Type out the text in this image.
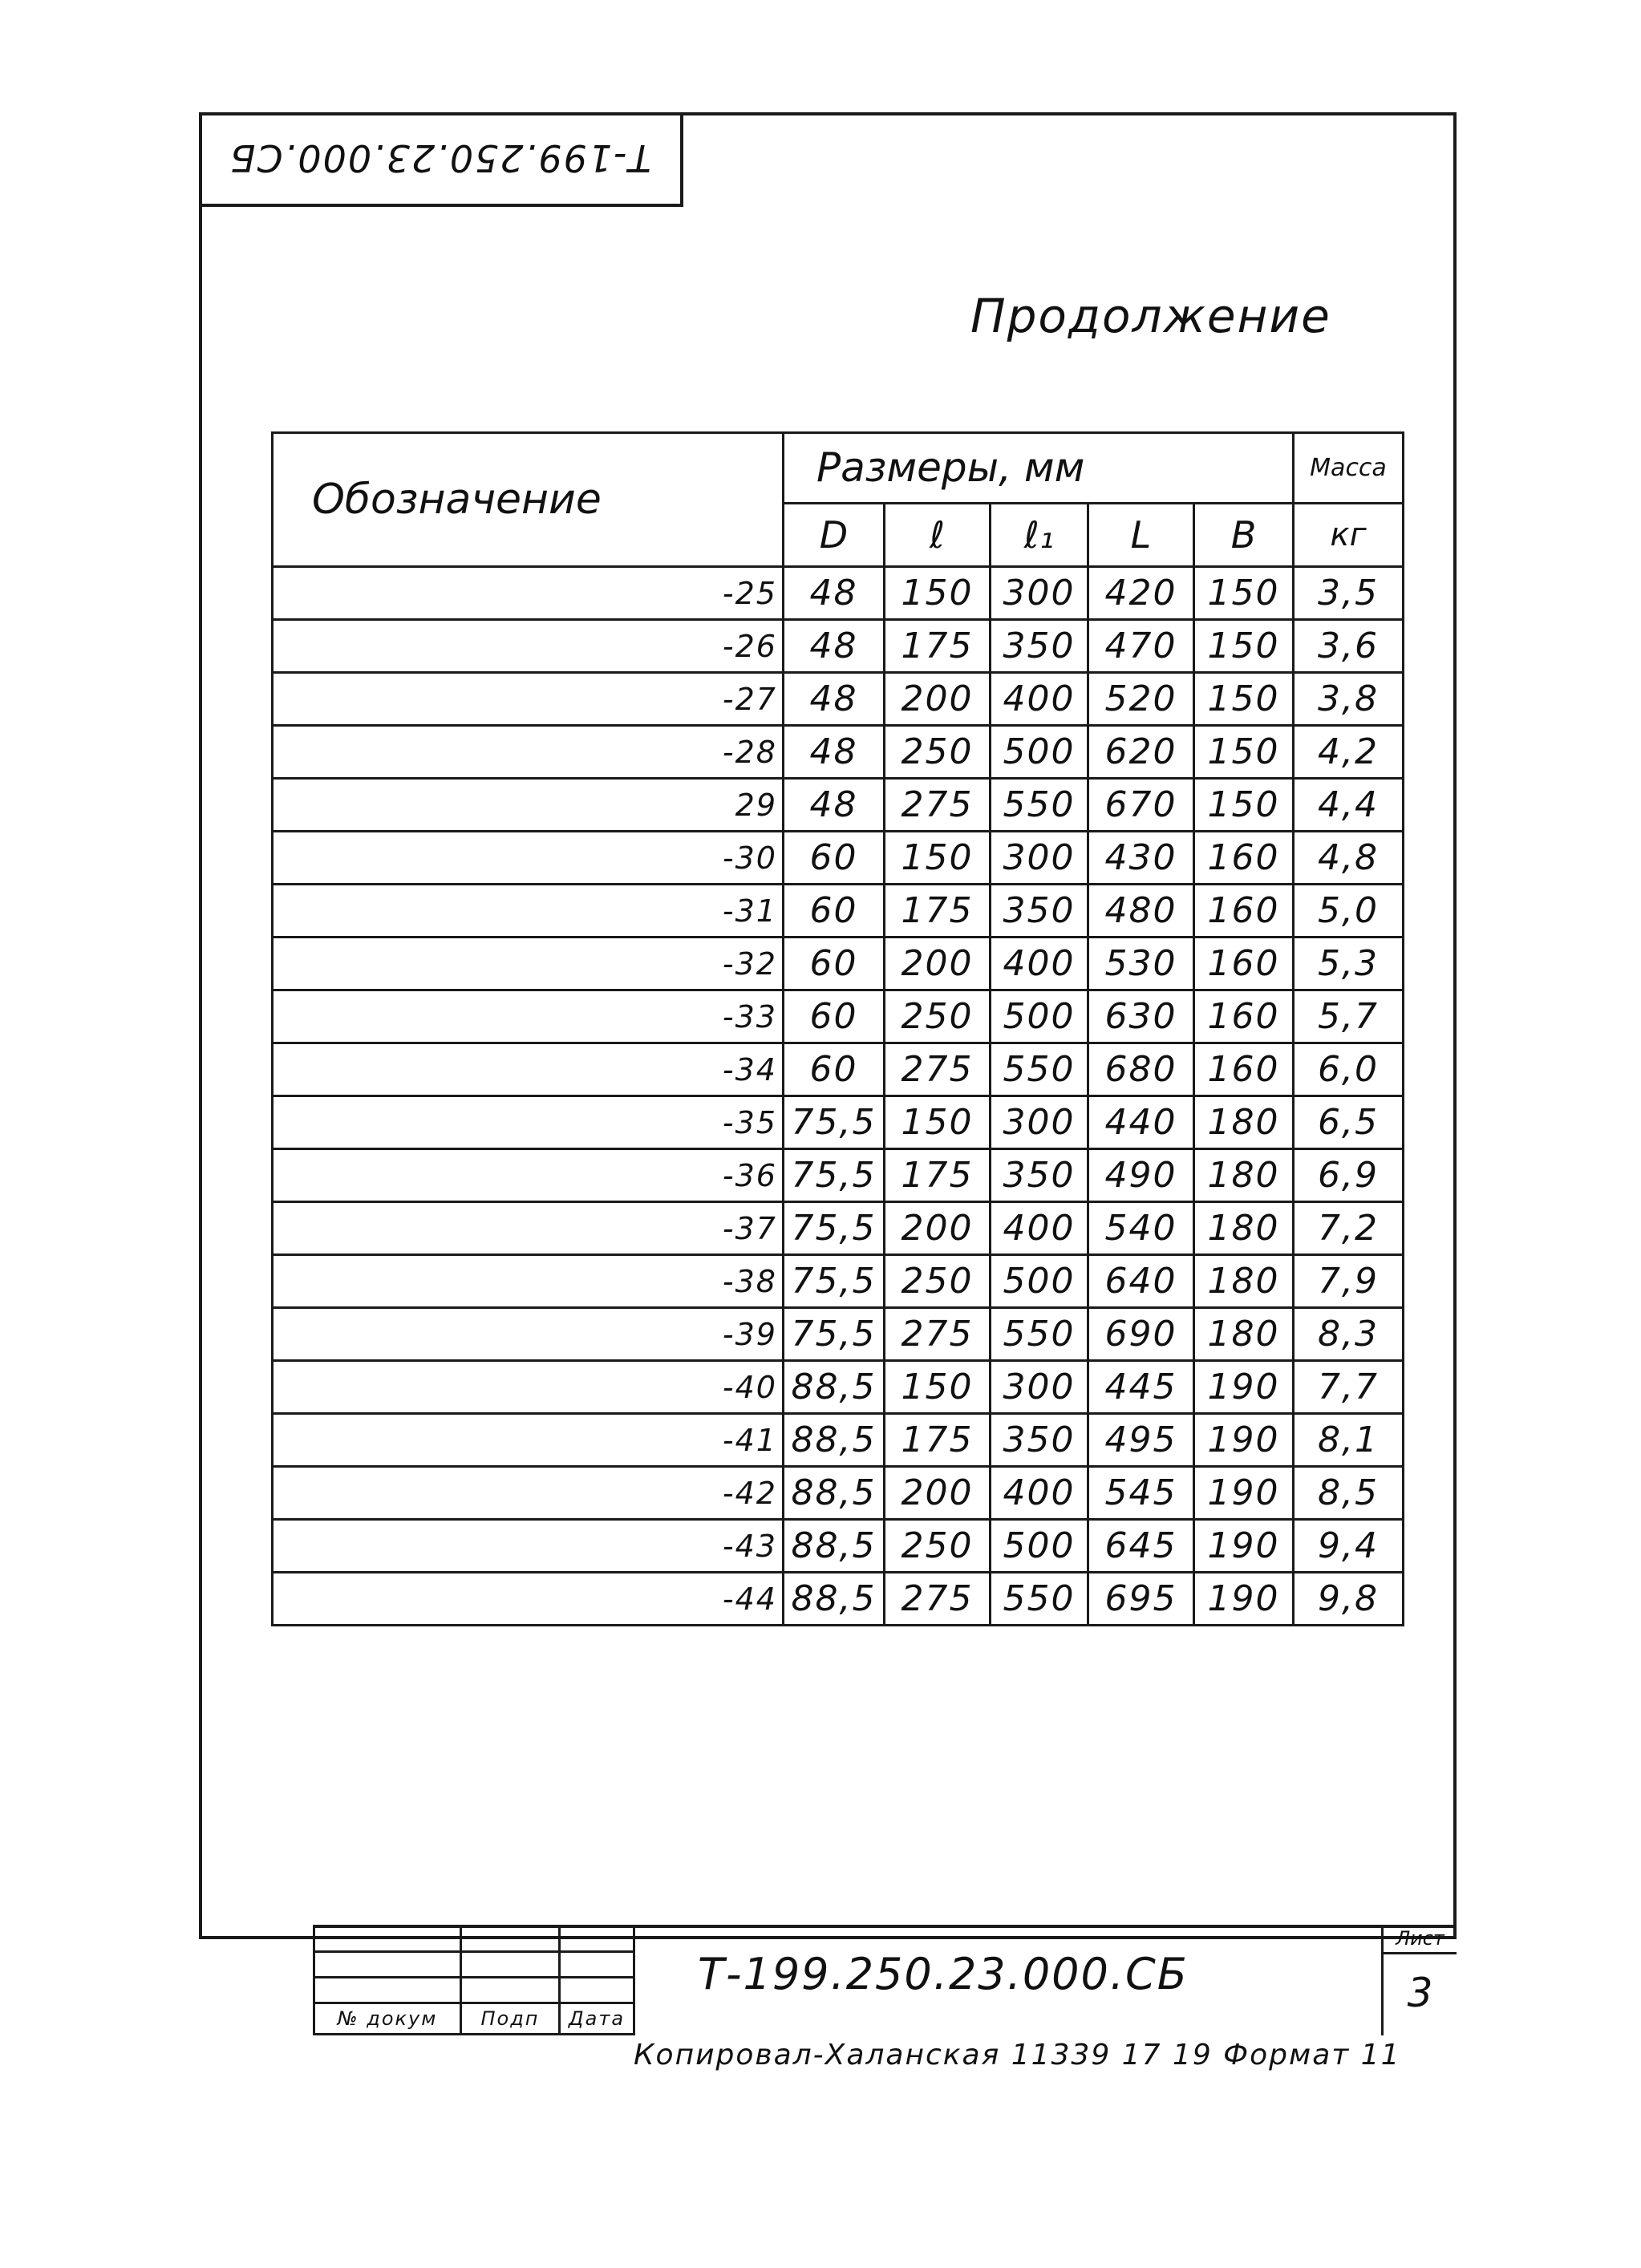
Т-199.250.23.000.СБ
Продолжение
Обозначение	Размеры, мм					Масса
	D	ℓ	ℓ₁	L	B	кг
-25	48	150	300	420	150	3,5
-26	48	175	350	470	150	3,6
-27	48	200	400	520	150	3,8
-28	48	250	500	620	150	4,2
29	48	275	550	670	150	4,4
-30	60	150	300	430	160	4,8
-31	60	175	350	480	160	5,0
-32	60	200	400	530	160	5,3
-33	60	250	500	630	160	5,7
-34	60	275	550	680	160	6,0
-35	75,5	150	300	440	180	6,5
-36	75,5	175	350	490	180	6,9
-37	75,5	200	400	540	180	7,2
-38	75,5	250	500	640	180	7,9
-39	75,5	275	550	690	180	8,3
-40	88,5	150	300	445	190	7,7
-41	88,5	175	350	495	190	8,1
-42	88,5	200	400	545	190	8,5
-43	88,5	250	500	645	190	9,4
-44	88,5	275	550	695	190	9,8

№ докум	Подп	Дата
Т-199.250.23.000.СБ
Лист
3
Копировал-Халанская 11339 17 19 Формат 11
